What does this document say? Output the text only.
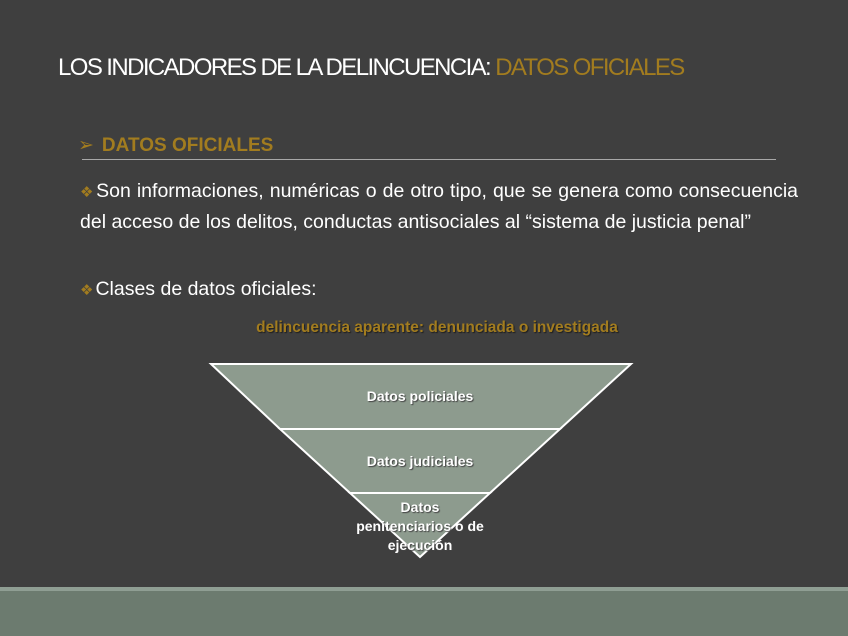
LOS INDICADORES DE LA DELINCUENCIA: DATOS OFICIALES
➢ DATOS OFICIALES
❖ Son informaciones, numéricas o de otro tipo, que se genera como consecuencia del acceso de los delitos, conductas antisociales al “sistema de justicia penal”
❖ Clases de datos oficiales:
delincuencia aparente: denunciada o investigada
Datos policiales
Datos judiciales
Datos penitenciarios o de ejecución
